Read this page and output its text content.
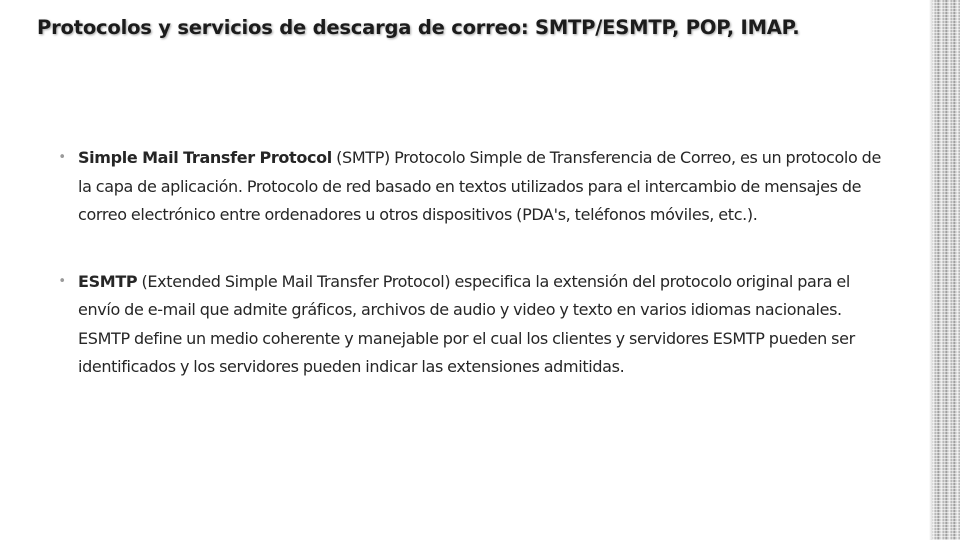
Protocolos y servicios de descarga de correo: SMTP/ESMTP, POP, IMAP.
• Simple Mail Transfer Protocol (SMTP) Protocolo Simple de Transferencia de Correo, es un protocolo de la capa de aplicación. Protocolo de red basado en textos utilizados para el intercambio de mensajes de correo electrónico entre ordenadores u otros dispositivos (PDA's, teléfonos móviles, etc.).
• ESMTP (Extended Simple Mail Transfer Protocol) especifica la extensión del protocolo original para el envío de e-mail que admite gráficos, archivos de audio y video y texto en varios idiomas nacionales. ESMTP define un medio coherente y manejable por el cual los clientes y servidores ESMTP pueden ser identificados y los servidores pueden indicar las extensiones admitidas.
